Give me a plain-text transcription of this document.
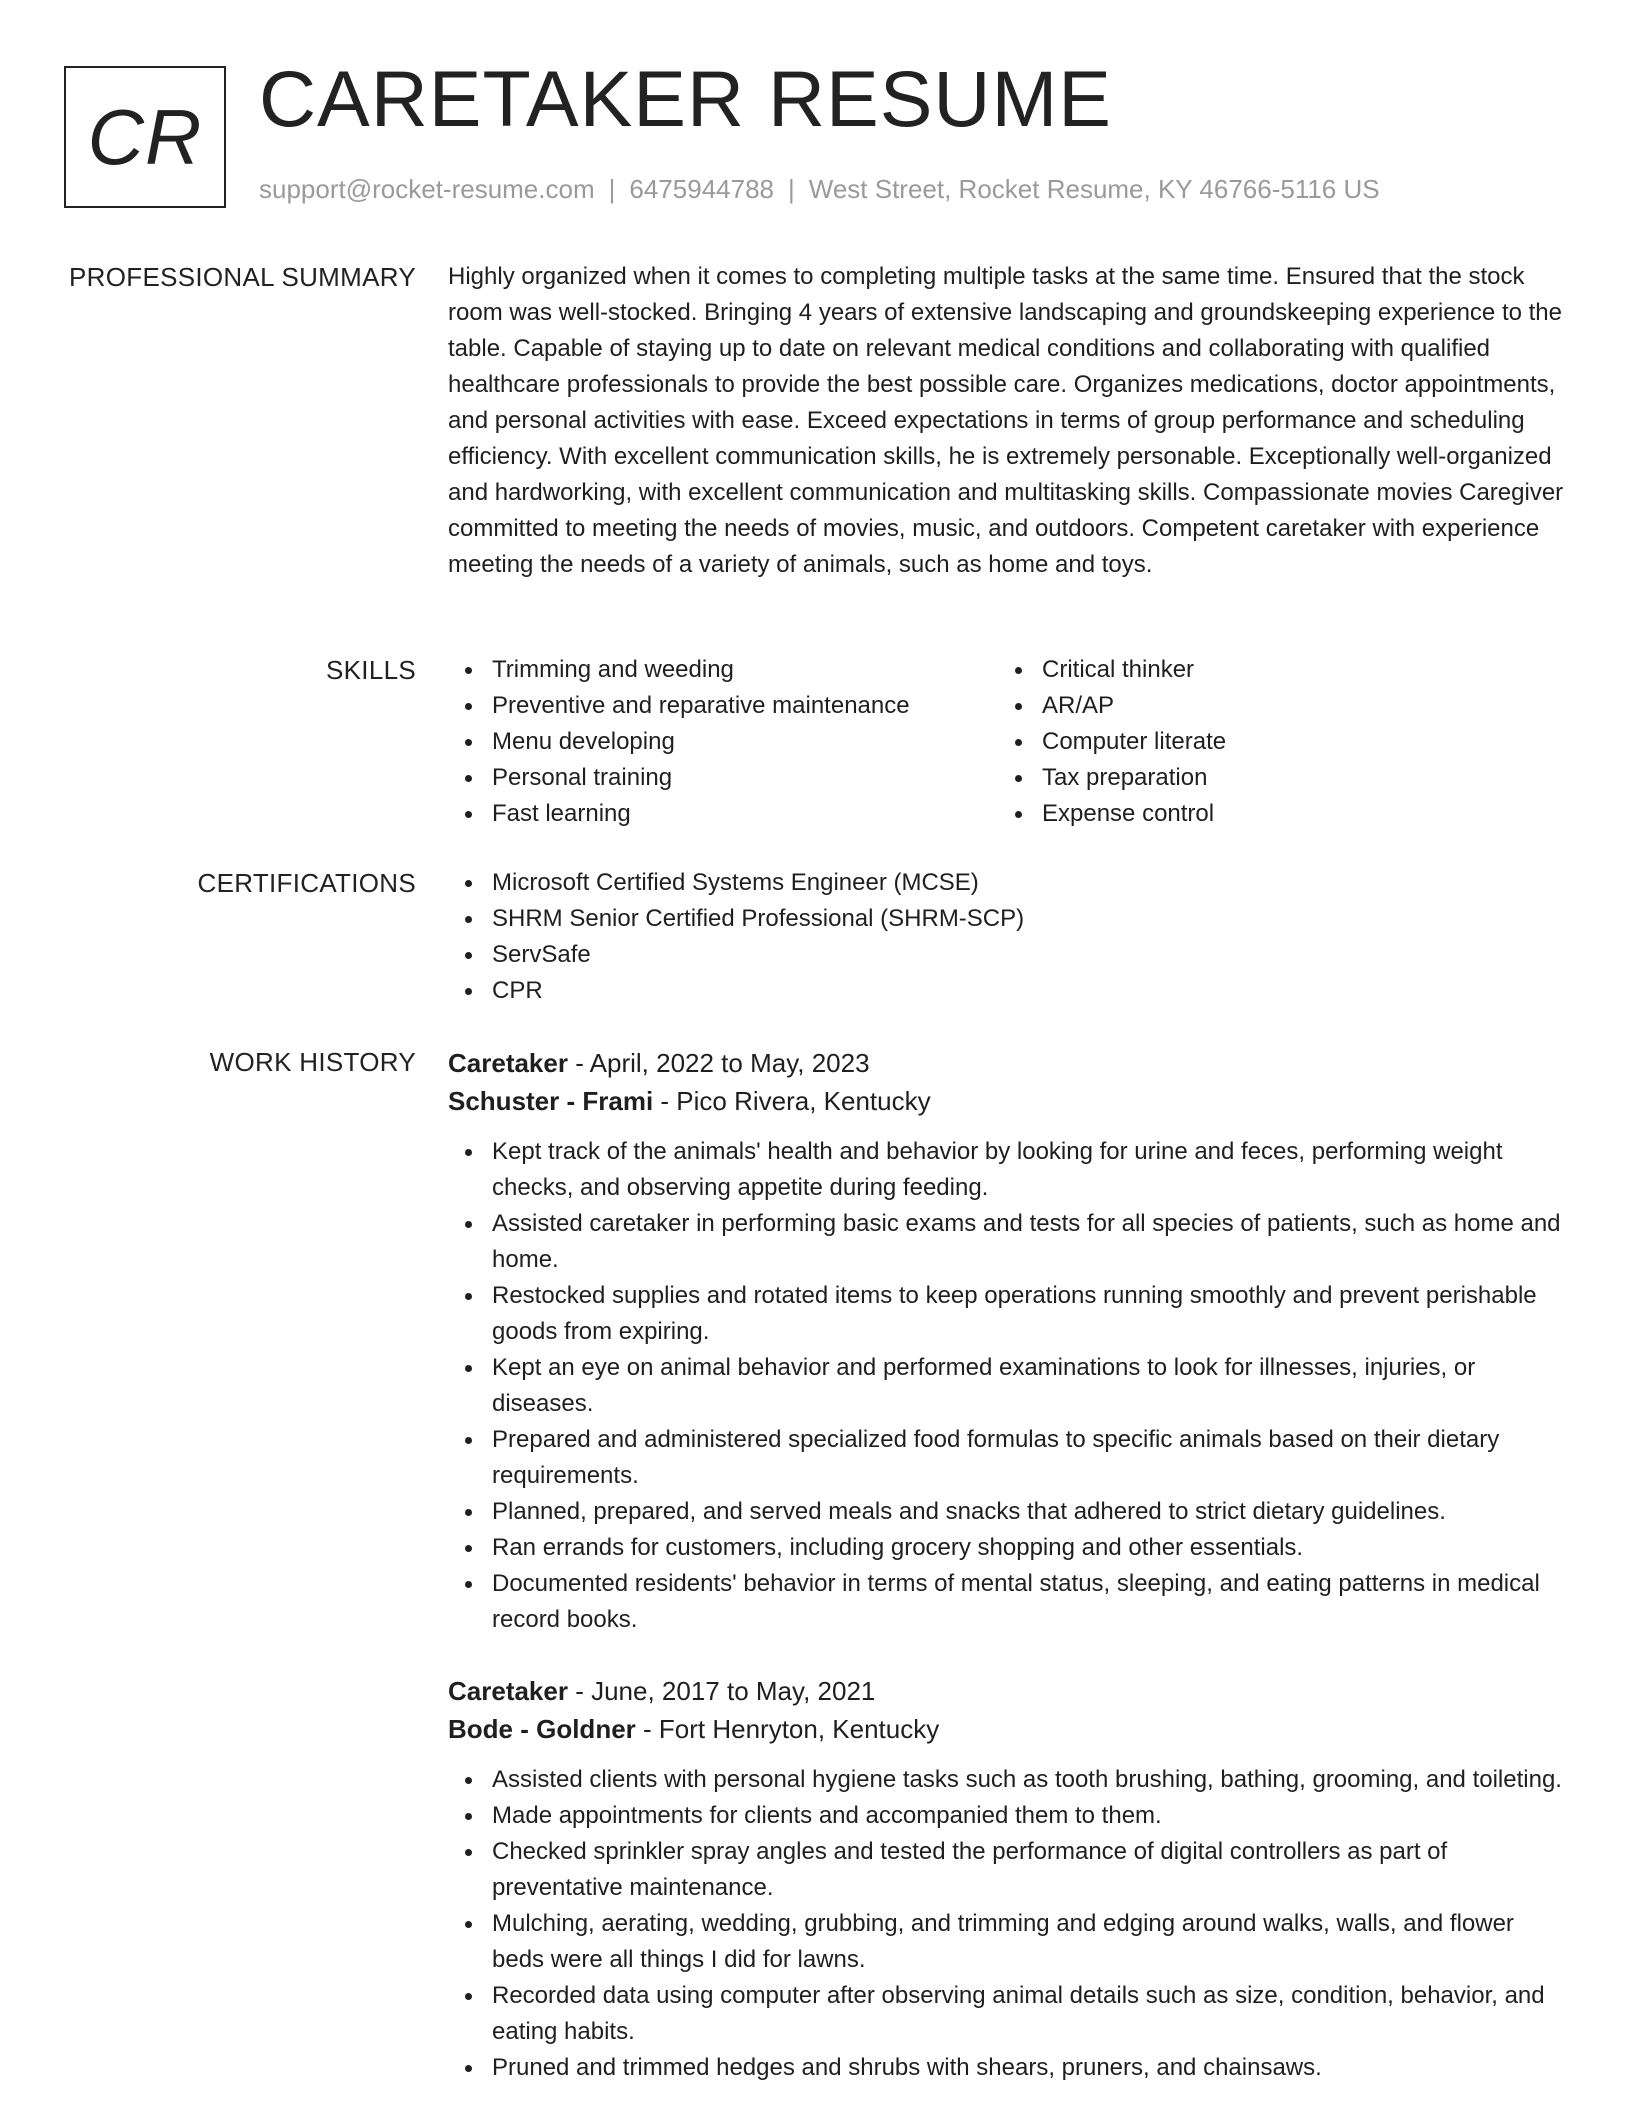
CR CARETAKER RESUME
support@rocket-resume.com | 6475944788 | West Street, Rocket Resume, KY 46766-5116 US
PROFESSIONAL SUMMARY Highly organized when it comes to completing multiple tasks at the same time. Ensured that the stock room was well-stocked. Bringing 4 years of extensive landscaping and groundskeeping experience to the table. Capable of staying up to date on relevant medical conditions and collaborating with qualified healthcare professionals to provide the best possible care. Organizes medications, doctor appointments, and personal activities with ease. Exceed expectations in terms of group performance and scheduling efficiency. With excellent communication skills, he is extremely personable. Exceptionally well-organized and hardworking, with excellent communication and multitasking skills. Compassionate movies Caregiver committed to meeting the needs of movies, music, and outdoors. Competent caretaker with experience meeting the needs of a variety of animals, such as home and toys.

SKILLS	Trimming and weeding
Preventive and reparative maintenance
Menu developing
Personal training
Fast learning
Critical thinker
AR/AP
Computer literate
Tax preparation
Expense control
CERTIFICATIONS	Microsoft Certified Systems Engineer (MCSE)
SHRM Senior Certified Professional (SHRM-SCP)
ServSafe
CPR
WORK HISTORY Caretaker - April, 2022 to May, 2023
Schuster - Frami - Pico Rivera, Kentucky
Kept track of the animals' health and behavior by looking for urine and feces, performing weight checks, and observing appetite during feeding.
Assisted caretaker in performing basic exams and tests for all species of patients, such as home and home.
Restocked supplies and rotated items to keep operations running smoothly and prevent perishable goods from expiring.
Kept an eye on animal behavior and performed examinations to look for illnesses, injuries, or diseases.
Prepared and administered specialized food formulas to specific animals based on their dietary requirements.
Planned, prepared, and served meals and snacks that adhered to strict dietary guidelines.
Ran errands for customers, including grocery shopping and other essentials.
Documented residents' behavior in terms of mental status, sleeping, and eating patterns in medical record books.
Caretaker - June, 2017 to May, 2021
Bode - Goldner - Fort Henryton, Kentucky
Assisted clients with personal hygiene tasks such as tooth brushing, bathing, grooming, and toileting.
Made appointments for clients and accompanied them to them.
Checked sprinkler spray angles and tested the performance of digital controllers as part of preventative maintenance.
Mulching, aerating, wedding, grubbing, and trimming and edging around walks, walls, and flower beds were all things I did for lawns.
Recorded data using computer after observing animal details such as size, condition, behavior, and eating habits.
Pruned and trimmed hedges and shrubs with shears, pruners, and chainsaws.
